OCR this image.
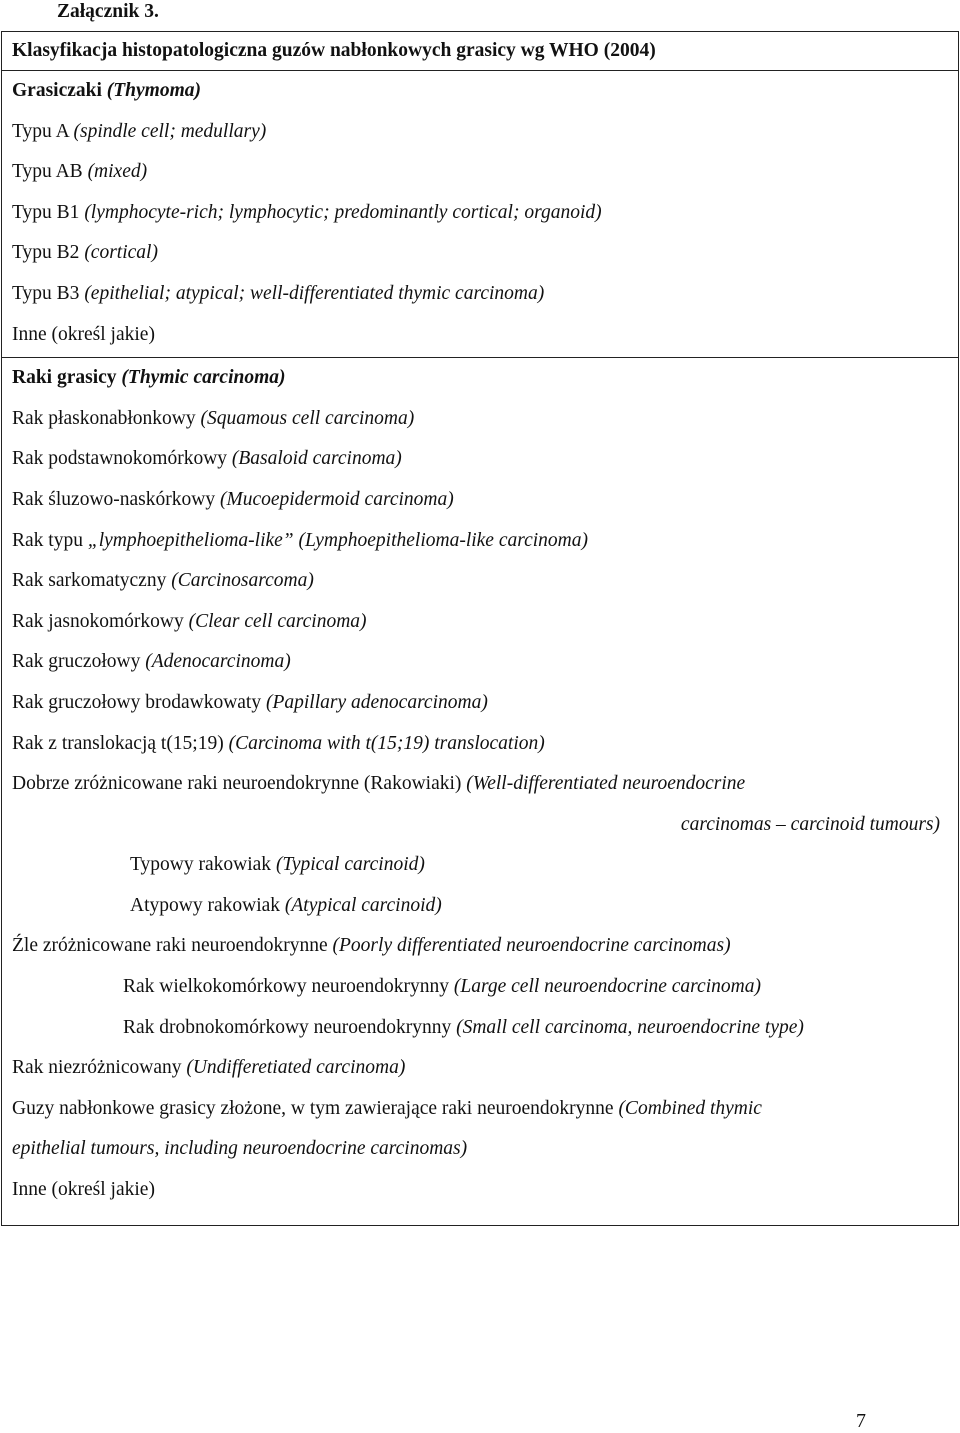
Załącznik 3.
Klasyfikacja histopatologiczna guzów nabłonkowych grasicy wg WHO (2004)
Grasiczaki (Thymoma)
Typu A (spindle cell; medullary)
Typu AB (mixed)
Typu B1 (lymphocyte-rich; lymphocytic; predominantly cortical; organoid)
Typu B2 (cortical)
Typu B3 (epithelial; atypical; well-differentiated thymic carcinoma)
Inne (określ jakie)
Raki grasicy (Thymic carcinoma)
Rak płaskonabłonkowy (Squamous cell carcinoma)
Rak podstawnokomórkowy (Basaloid carcinoma)
Rak śluzowo-naskórkowy (Mucoepidermoid carcinoma)
Rak typu „lymphoepithelioma-like” (Lymphoepithelioma-like carcinoma)
Rak sarkomatyczny (Carcinosarcoma)
Rak jasnokomórkowy (Clear cell carcinoma)
Rak gruczołowy (Adenocarcinoma)
Rak gruczołowy brodawkowaty (Papillary adenocarcinoma)
Rak z translokacją t(15;19) (Carcinoma with t(15;19) translocation)
Dobrze zróżnicowane raki neuroendokrynne (Rakowiaki) (Well-differentiated neuroendocrine
carcinomas – carcinoid tumours)
Typowy rakowiak (Typical carcinoid)
Atypowy rakowiak (Atypical carcinoid)
Źle zróżnicowane raki neuroendokrynne (Poorly differentiated neuroendocrine carcinomas)
Rak wielkokomórkowy neuroendokrynny (Large cell neuroendocrine carcinoma)
Rak drobnokomórkowy neuroendokrynny (Small cell carcinoma, neuroendocrine type)
Rak niezróżnicowany (Undifferetiated carcinoma)
Guzy nabłonkowe grasicy złożone, w tym zawierające raki neuroendokrynne (Combined thymic
epithelial tumours, including neuroendocrine carcinomas)
Inne (określ jakie)
7
